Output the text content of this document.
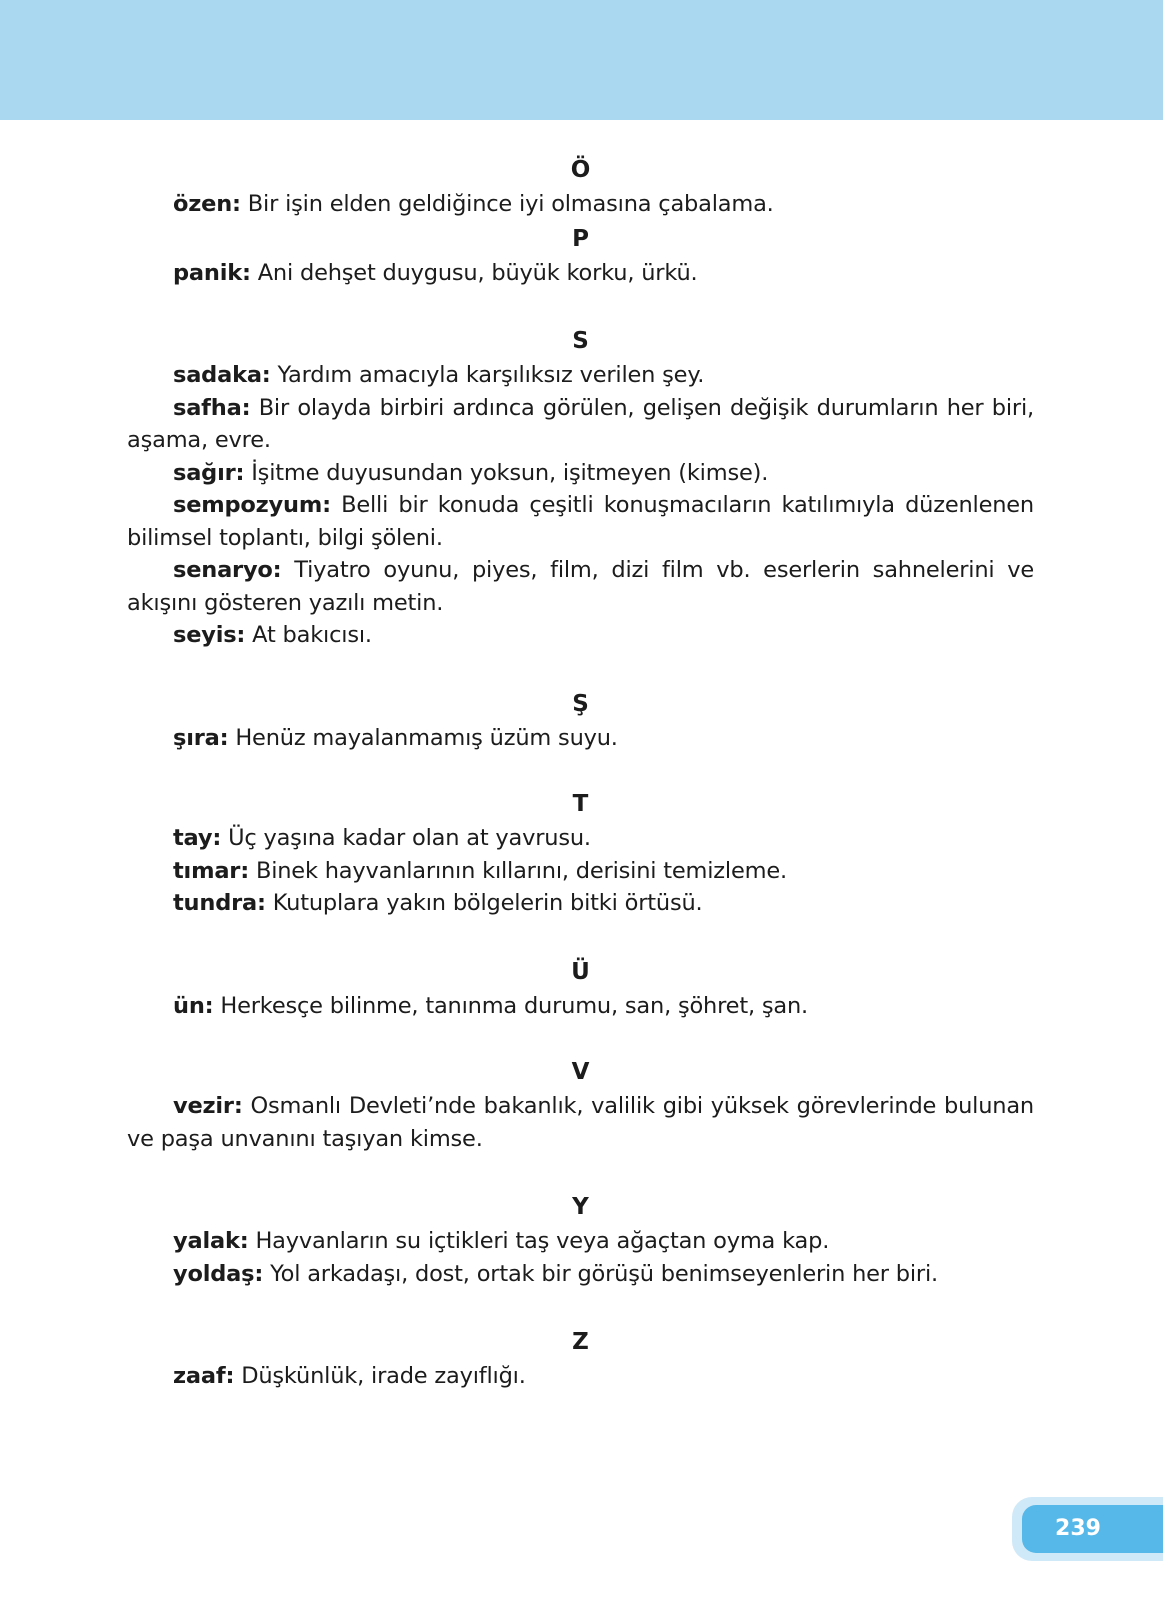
Ö

özen: Bir işin elden geldiğince iyi olmasına çabalama.

P

panik: Ani dehşet duygusu, büyük korku, ürkü.

S

sadaka: Yardım amacıyla karşılıksız verilen şey.

safha: Bir olayda birbiri ardınca görülen, gelişen değişik durumların her biri, aşama, evre.

sağır: İşitme duyusundan yoksun, işitmeyen (kimse).

sempozyum: Belli bir konuda çeşitli konuşmacıların katılımıyla düzenlenen bilimsel toplantı, bilgi şöleni.

senaryo: Tiyatro oyunu, piyes, film, dizi film vb. eserlerin sahnelerini ve akışını gösteren yazılı metin.

seyis: At bakıcısı.

Ş

şıra: Henüz mayalanmamış üzüm suyu.

T

tay: Üç yaşına kadar olan at yavrusu.

tımar: Binek hayvanlarının kıllarını, derisini temizleme.

tundra: Kutuplara yakın bölgelerin bitki örtüsü.

Ü

ün: Herkesçe bilinme, tanınma durumu, san, şöhret, şan.

V

vezir: Osmanlı Devleti’nde bakanlık, valilik gibi yüksek görevlerinde bulunan ve paşa unvanını taşıyan kimse.

Y

yalak: Hayvanların su içtikleri taş veya ağaçtan oyma kap.

yoldaş: Yol arkadaşı, dost, ortak bir görüşü benimseyenlerin her biri.

Z

zaaf: Düşkünlük, irade zayıflığı.

239
